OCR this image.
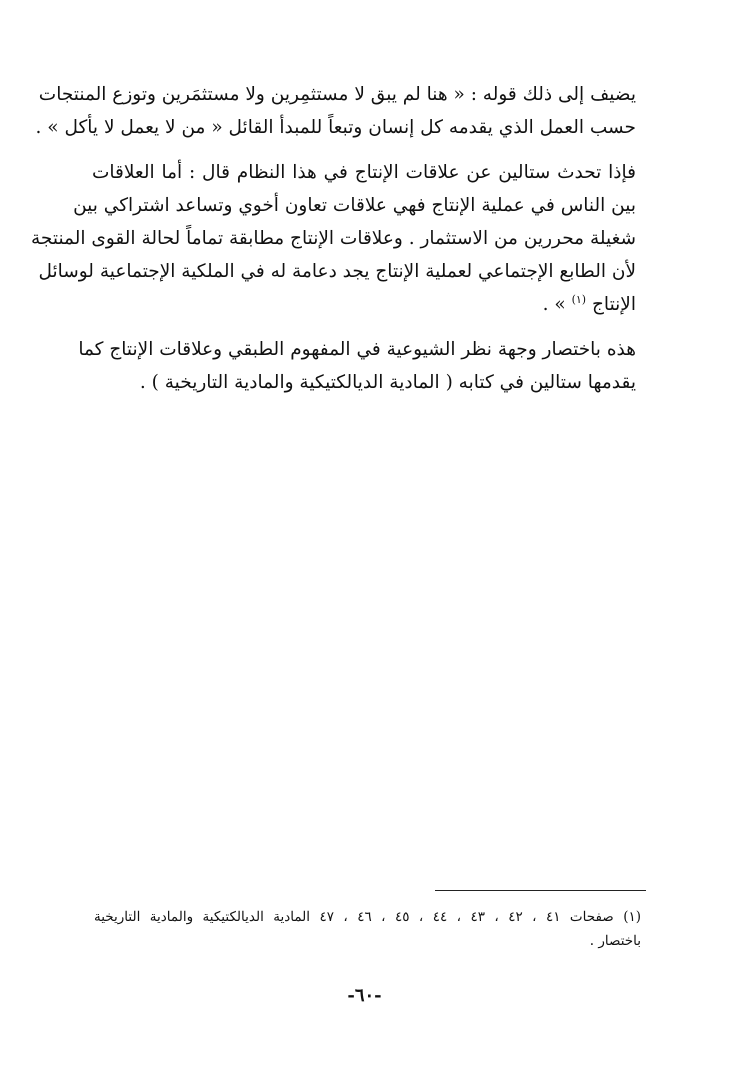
يضيف إلى ذلك قوله : « هنا لم يبق لا مستثمِرين ولا مستثمَرين وتوزع المنتجات
حسب العمل الذي يقدمه كل إنسان وتبعاً للمبدأ القائل « من لا يعمل لا يأكل » .

فإذا تحدث ستالين عن علاقات الإنتاج في هذا النظام قال : أما العلاقات
بين الناس في عملية الإنتاج فهي علاقات تعاون أخوي وتساعد اشتراكي بين
شغيلة محررين من الاستثمار . وعلاقات الإنتاج مطابقة تماماً لحالة القوى المنتجة
لأن الطابع الإجتماعي لعملية الإنتاج يجد دعامة له في الملكية الإجتماعية لوسائل
الإنتاج $^{(١)}$ » .

هذه باختصار وجهة نظر الشيوعية في المفهوم الطبقي وعلاقات الإنتاج كما
يقدمها ستالين في كتابه ( المادية الديالكتيكية والمادية التاريخية ) .

(١) صفحات ٤١ ، ٤٢ ، ٤٣ ، ٤٤ ، ٤٥ ، ٤٦ ، ٤٧ المادية الديالكتيكية والمادية التاريخية
باختصار .
-٦٠-
